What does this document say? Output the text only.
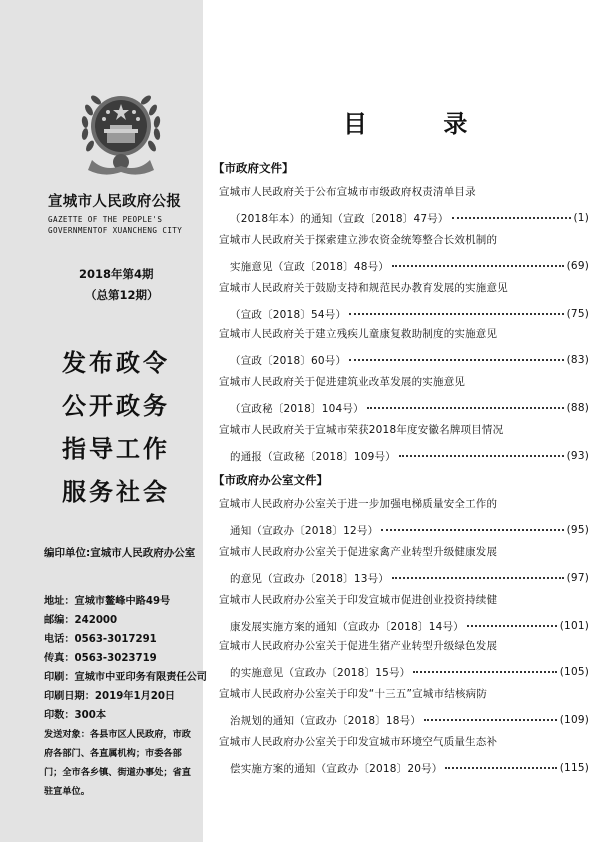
宣城市人民政府公报
GAZETTE OF THE PEOPLE'S
GOVERNMENTOF XUANCHENG CITY
2018年第4期
（总第12期）
发布政令
公开政务
指导工作
服务社会
编印单位:宣城市人民政府办公室
地址：宣城市鳌峰中路49号
邮编：242000
电话：0563-3017291
传真：0563-3023719
印刷：宣城市中亚印务有限责任公司
印刷日期：2019年1月20日
印数：300本
发送对象：各县市区人民政府，市政府各部门、各直属机构；市委各部门；全市各乡镇、街道办事处；省直驻宣单位。
目 录
【市政府文件】
宣城市人民政府关于公布宣城市市级政府权责清单目录
（2018年本）的通知（宣政〔2018〕47号）	(1)
宣城市人民政府关于探索建立涉农资金统筹整合长效机制的
实施意见（宣政〔2018〕48号）	(69)
宣城市人民政府关于鼓励支持和规范民办教育发展的实施意见
（宣政〔2018〕54号）	(75)
宣城市人民政府关于建立残疾儿童康复救助制度的实施意见
（宣政〔2018〕60号）	(83)
宣城市人民政府关于促进建筑业改革发展的实施意见
（宣政秘〔2018〕104号）	(88)
宣城市人民政府关于宣城市荣获2018年度安徽名牌项目情况
的通报（宣政秘〔2018〕109号）	(93)
【市政府办公室文件】
宣城市人民政府办公室关于进一步加强电梯质量安全工作的
通知（宣政办〔2018〕12号）	(95)
宣城市人民政府办公室关于促进家禽产业转型升级健康发展
的意见（宣政办〔2018〕13号）	(97)
宣城市人民政府办公室关于印发宣城市促进创业投资持续健
康发展实施方案的通知（宣政办〔2018〕14号）	(101)
宣城市人民政府办公室关于促进生猪产业转型升级绿色发展
的实施意见（宣政办〔2018〕15号）	(105)
宣城市人民政府办公室关于印发“十三五”宣城市结核病防
治规划的通知（宣政办〔2018〕18号）	(109)
宣城市人民政府办公室关于印发宣城市环境空气质量生态补
偿实施方案的通知（宣政办〔2018〕20号）	(115)
